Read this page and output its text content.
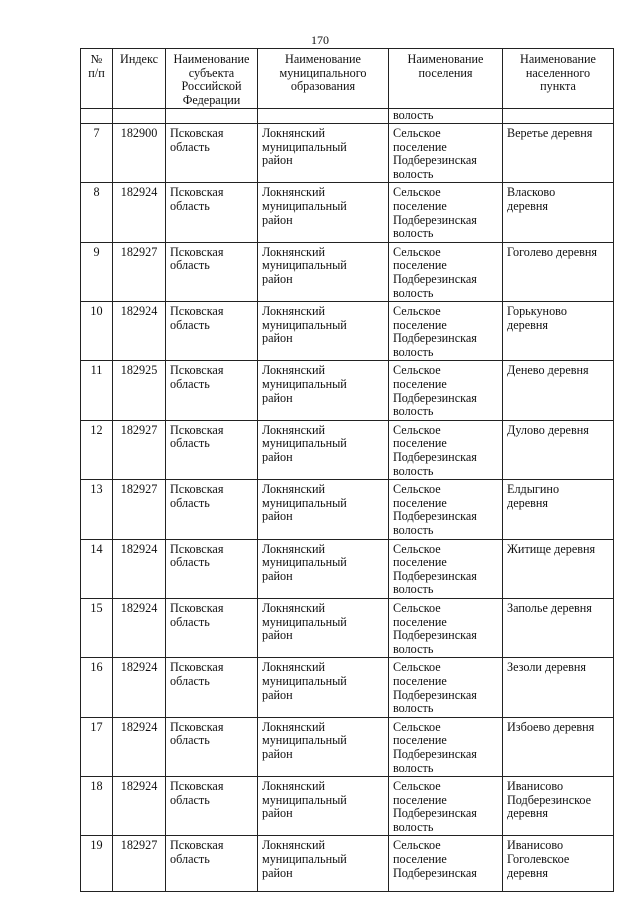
170
№
п/п	Индекс	Наименование
субъекта
Российской
Федерации	Наименование
муниципального
образования	Наименование
поселения	Наименование
населенного
пункта
				волость	
7	182900	Псковская
область	Локнянский
муниципальный
район	Сельское
поселение
Подберезинская
волость	Веретье деревня
8	182924	Псковская
область	Локнянский
муниципальный
район	Сельское
поселение
Подберезинская
волость	Власково
деревня
9	182927	Псковская
область	Локнянский
муниципальный
район	Сельское
поселение
Подберезинская
волость	Гоголево деревня
10	182924	Псковская
область	Локнянский
муниципальный
район	Сельское
поселение
Подберезинская
волость	Горькуново
деревня
11	182925	Псковская
область	Локнянский
муниципальный
район	Сельское
поселение
Подберезинская
волость	Денево деревня
12	182927	Псковская
область	Локнянский
муниципальный
район	Сельское
поселение
Подберезинская
волость	Дулово деревня
13	182927	Псковская
область	Локнянский
муниципальный
район	Сельское
поселение
Подберезинская
волость	Елдыгино
деревня
14	182924	Псковская
область	Локнянский
муниципальный
район	Сельское
поселение
Подберезинская
волость	Житище деревня
15	182924	Псковская
область	Локнянский
муниципальный
район	Сельское
поселение
Подберезинская
волость	Заполье деревня
16	182924	Псковская
область	Локнянский
муниципальный
район	Сельское
поселение
Подберезинская
волость	Зезоли деревня
17	182924	Псковская
область	Локнянский
муниципальный
район	Сельское
поселение
Подберезинская
волость	Избоево деревня
18	182924	Псковская
область	Локнянский
муниципальный
район	Сельское
поселение
Подберезинская
волость	Иванисово
Подберезинское
деревня
19	182927	Псковская
область	Локнянский
муниципальный
район	Сельское
поселение
Подберезинская	Иванисово
Гоголевское
деревня
